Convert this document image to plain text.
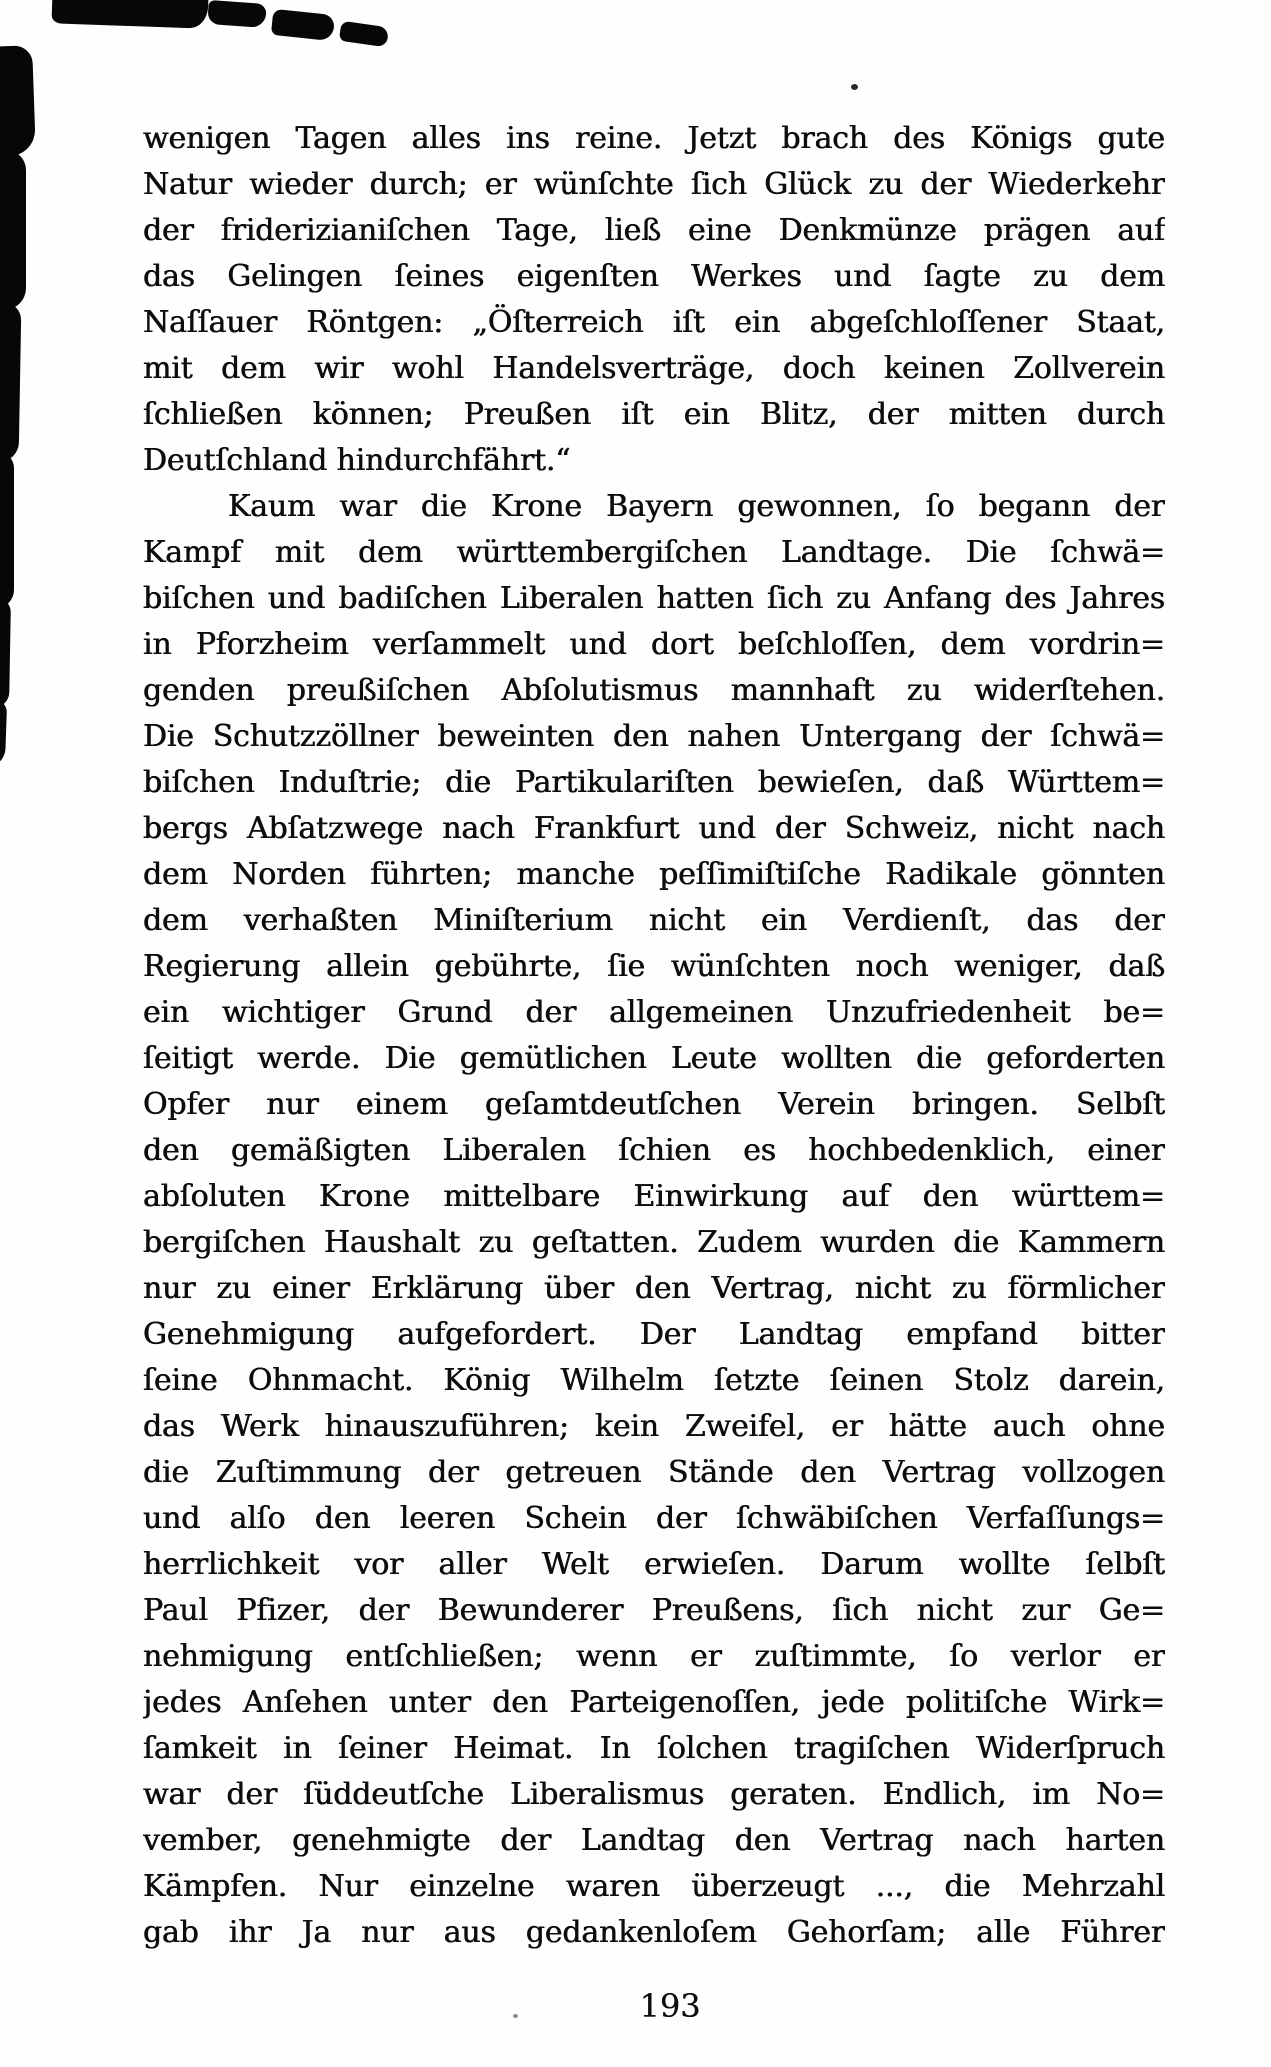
wenigen Tagen alles ins reine. Jetzt brach des Königs gute
Natur wieder durch; er wünſchte ſich Glück zu der Wiederkehr
der friderizianiſchen Tage, ließ eine Denkmünze prägen auf
das Gelingen ſeines eigenſten Werkes und ſagte zu dem
Naſſauer Röntgen: „Öſterreich iſt ein abgeſchloſſener Staat,
mit dem wir wohl Handelsverträge, doch keinen Zollverein
ſchließen können; Preußen iſt ein Blitz, der mitten durch
Deutſchland hindurchfährt.“
Kaum war die Krone Bayern gewonnen, ſo begann der
Kampf mit dem württembergiſchen Landtage. Die ſchwä=
biſchen und badiſchen Liberalen hatten ſich zu Anfang des Jahres
in Pforzheim verſammelt und dort beſchloſſen, dem vordrin=
genden preußiſchen Abſolutismus mannhaft zu widerſtehen.
Die Schutzzöllner beweinten den nahen Untergang der ſchwä=
biſchen Induſtrie; die Partikulariſten bewieſen, daß Württem=
bergs Abſatzwege nach Frankfurt und der Schweiz, nicht nach
dem Norden führten; manche peſſimiſtiſche Radikale gönnten
dem verhaßten Miniſterium nicht ein Verdienſt, das der
Regierung allein gebührte, ſie wünſchten noch weniger, daß
ein wichtiger Grund der allgemeinen Unzufriedenheit be=
ſeitigt werde. Die gemütlichen Leute wollten die geforderten
Opfer nur einem geſamtdeutſchen Verein bringen. Selbſt
den gemäßigten Liberalen ſchien es hochbedenklich, einer
abſoluten Krone mittelbare Einwirkung auf den württem=
bergiſchen Haushalt zu geſtatten. Zudem wurden die Kammern
nur zu einer Erklärung über den Vertrag, nicht zu förmlicher
Genehmigung aufgefordert. Der Landtag empfand bitter
ſeine Ohnmacht. König Wilhelm ſetzte ſeinen Stolz darein,
das Werk hinauszuführen; kein Zweifel, er hätte auch ohne
die Zuſtimmung der getreuen Stände den Vertrag vollzogen
und alſo den leeren Schein der ſchwäbiſchen Verfaſſungs=
herrlichkeit vor aller Welt erwieſen. Darum wollte ſelbſt
Paul Pfizer, der Bewunderer Preußens, ſich nicht zur Ge=
nehmigung entſchließen; wenn er zuſtimmte, ſo verlor er
jedes Anſehen unter den Parteigenoſſen, jede politiſche Wirk=
ſamkeit in ſeiner Heimat. In ſolchen tragiſchen Widerſpruch
war der ſüddeutſche Liberalismus geraten. Endlich, im No=
vember, genehmigte der Landtag den Vertrag nach harten
Kämpfen. Nur einzelne waren überzeugt ..., die Mehrzahl
gab ihr Ja nur aus gedankenloſem Gehorſam; alle Führer
193
